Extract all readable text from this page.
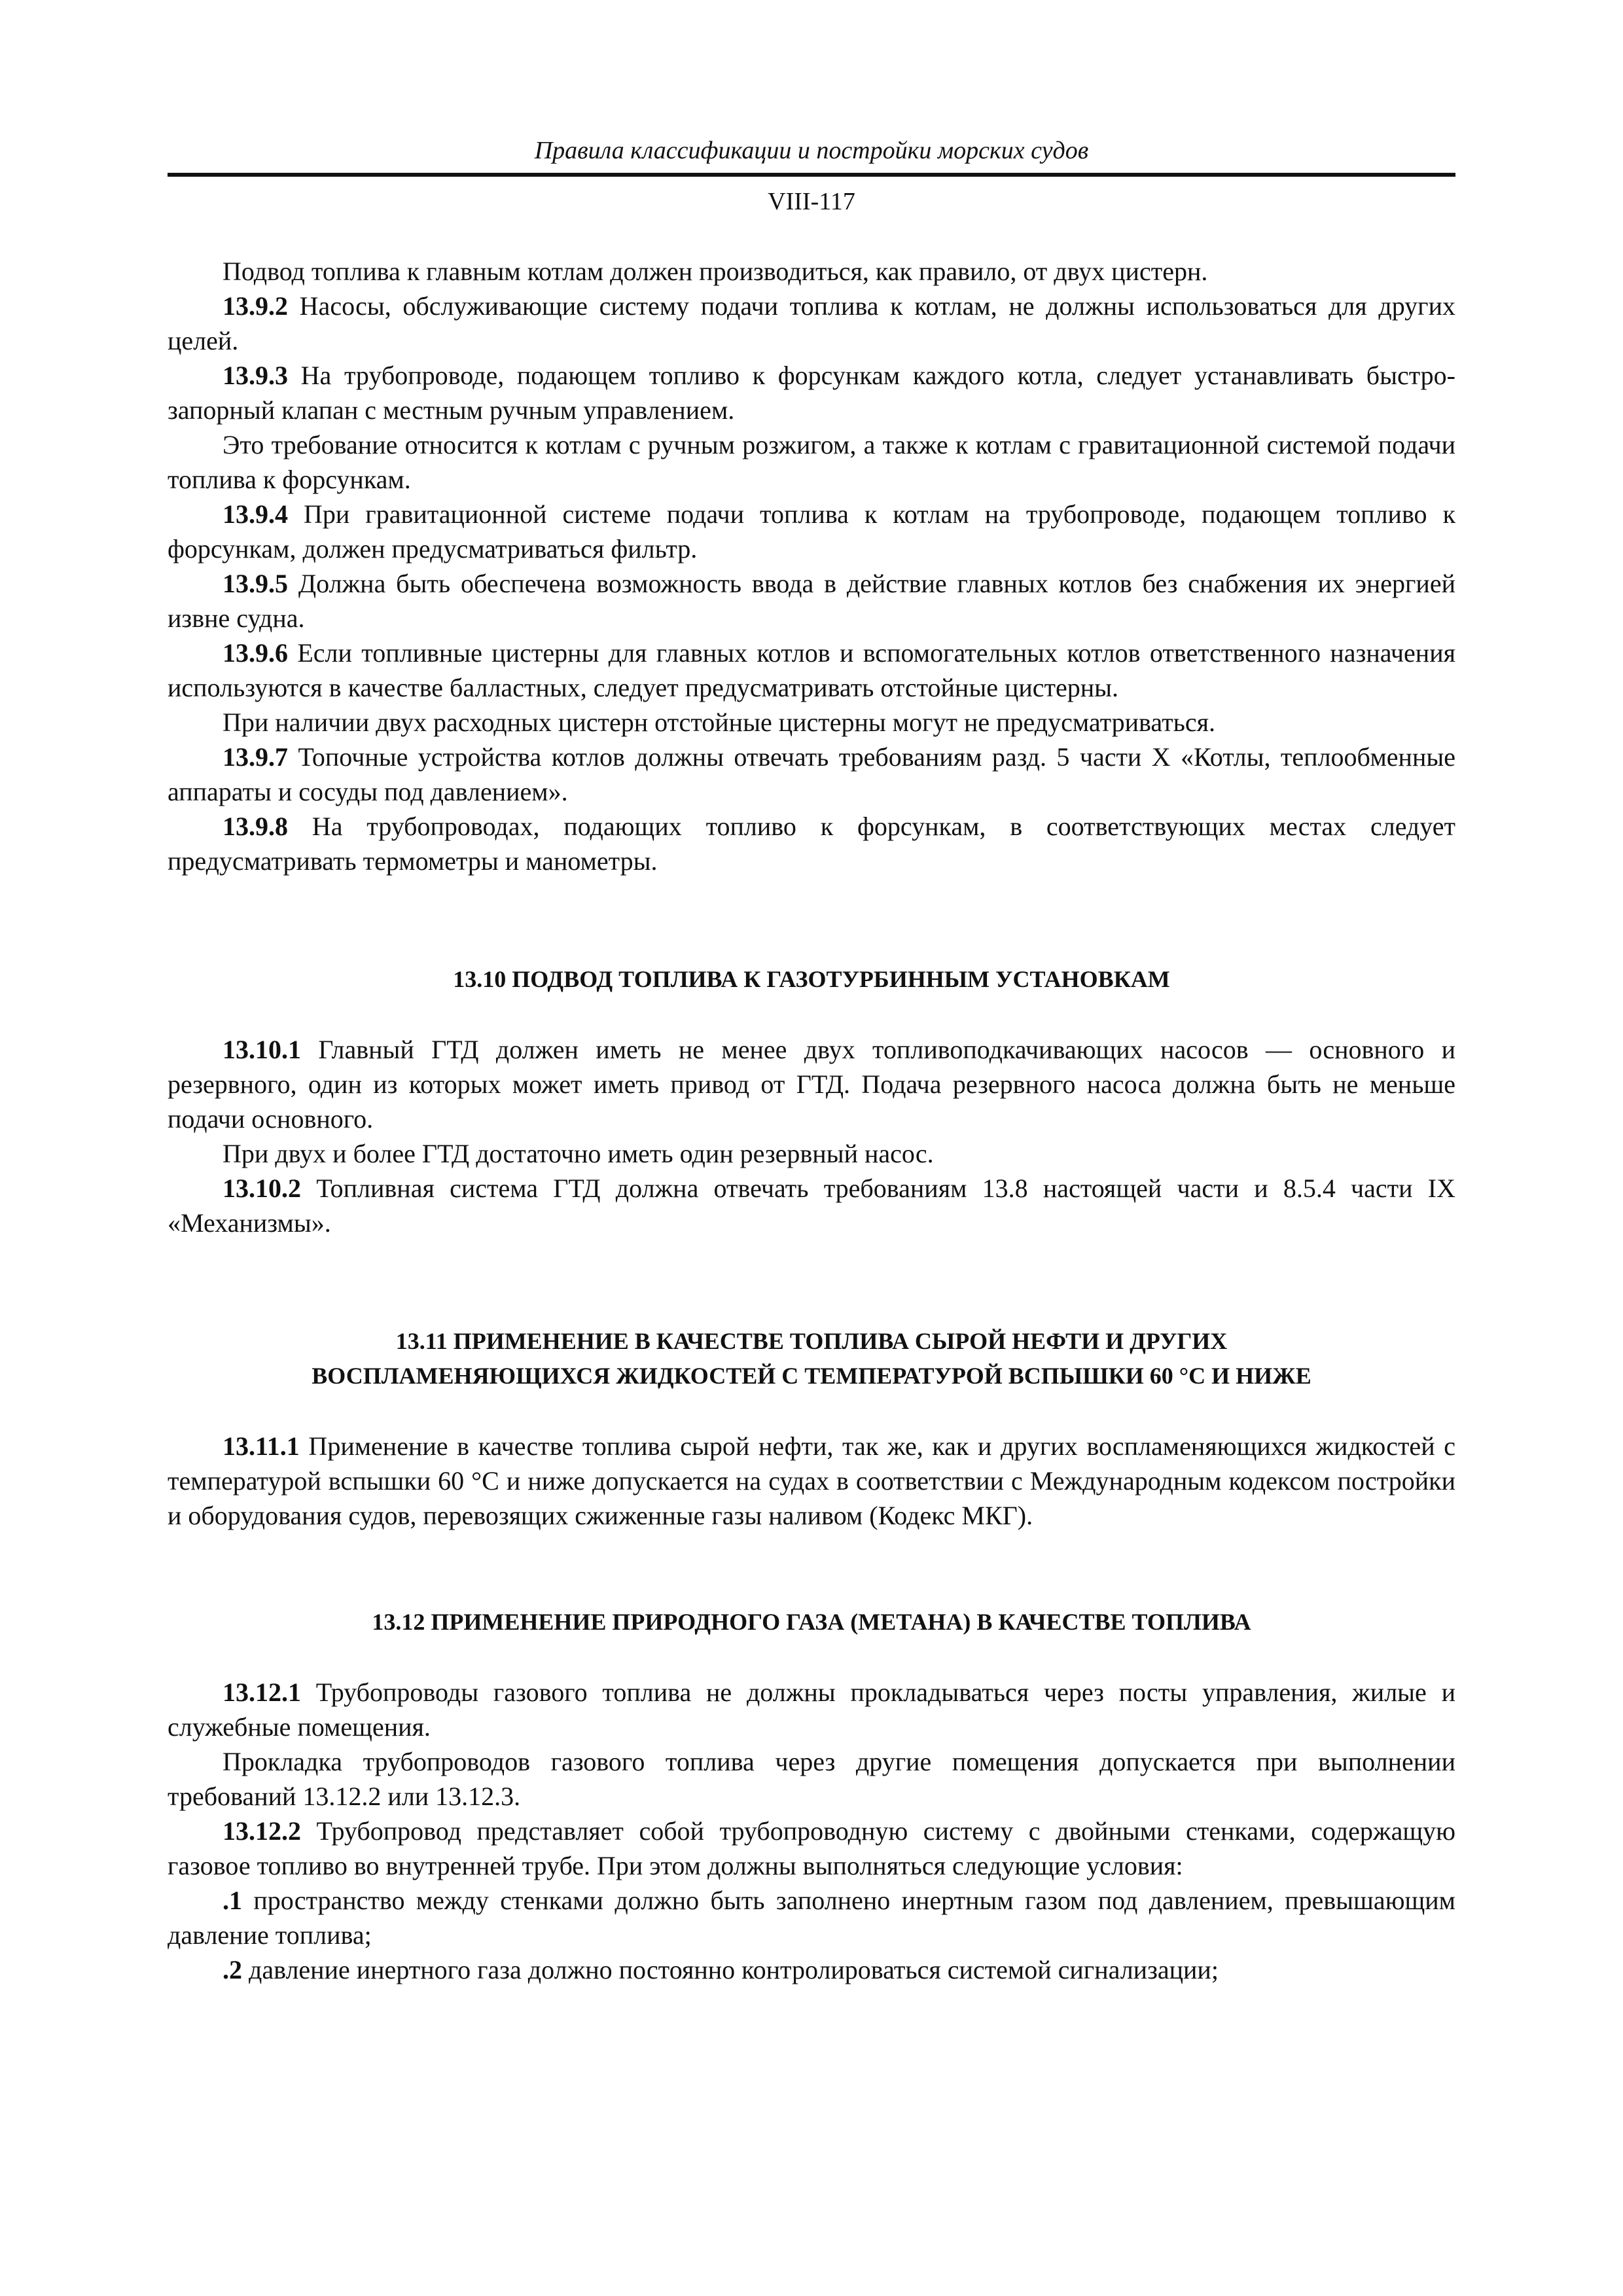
Правила классификации и постройки морских судов
VIII-117

Подвод топлива к главным котлам должен производиться, как правило, от двух цистерн.

13.9.2 Насосы, обслуживающие систему подачи топлива к котлам, не должны использоваться для других целей.

13.9.3 На трубопроводе, подающем топливо к форсункам каждого котла, следует устанавливать быстро-запорный клапан с местным ручным управлением.

Это требование относится к котлам с ручным розжигом, а также к котлам с гравитационной системой подачи топлива к форсункам.

13.9.4 При гравитационной системе подачи топлива к котлам на трубопроводе, подающем топливо к форсункам, должен предусматриваться фильтр.

13.9.5 Должна быть обеспечена возможность ввода в действие главных котлов без снабжения их энергией извне судна.

13.9.6 Если топливные цистерны для главных котлов и вспомогательных котлов ответственного назначения используются в качестве балластных, следует предусматривать отстойные цистерны.

При наличии двух расходных цистерн отстойные цистерны могут не предусматриваться.

13.9.7 Топочные устройства котлов должны отвечать требованиям разд. 5 части X «Котлы, теплообменные аппараты и сосуды под давлением».

13.9.8 На трубопроводах, подающих топливо к форсункам, в соответствующих местах следует предусматривать термометры и манометры.

13.10 ПОДВОД ТОПЛИВА К ГАЗОТУРБИННЫМ УСТАНОВКАМ

13.10.1 Главный ГТД должен иметь не менее двух топливоподкачивающих насосов — основного и резервного, один из которых может иметь привод от ГТД. Подача резервного насоса должна быть не меньше подачи основного.

При двух и более ГТД достаточно иметь один резервный насос.

13.10.2 Топливная система ГТД должна отвечать требованиям 13.8 настоящей части и 8.5.4 части IX «Механизмы».

13.11 ПРИМЕНЕНИЕ В КАЧЕСТВЕ ТОПЛИВА СЫРОЙ НЕФТИ И ДРУГИХ
ВОСПЛАМЕНЯЮЩИХСЯ ЖИДКОСТЕЙ С ТЕМПЕРАТУРОЙ ВСПЫШКИ 60 °С И НИЖЕ

13.11.1 Применение в качестве топлива сырой нефти, так же, как и других воспламеняющихся жидкостей с температурой вспышки 60 °С и ниже допускается на судах в соответствии с Международным кодексом постройки и оборудования судов, перевозящих сжиженные газы наливом (Кодекс МКГ).

13.12 ПРИМЕНЕНИЕ ПРИРОДНОГО ГАЗА (МЕТАНА) В КАЧЕСТВЕ ТОПЛИВА

13.12.1 Трубопроводы газового топлива не должны прокладываться через посты управления, жилые и служебные помещения.

Прокладка трубопроводов газового топлива через другие помещения допускается при выполнении требований 13.12.2 или 13.12.3.

13.12.2 Трубопровод представляет собой трубопроводную систему с двойными стенками, содержащую газовое топливо во внутренней трубе. При этом должны выполняться следующие условия:

.1 пространство между стенками должно быть заполнено инертным газом под давлением, превышающим давление топлива;

.2 давление инертного газа должно постоянно контролироваться системой сигнализации;
